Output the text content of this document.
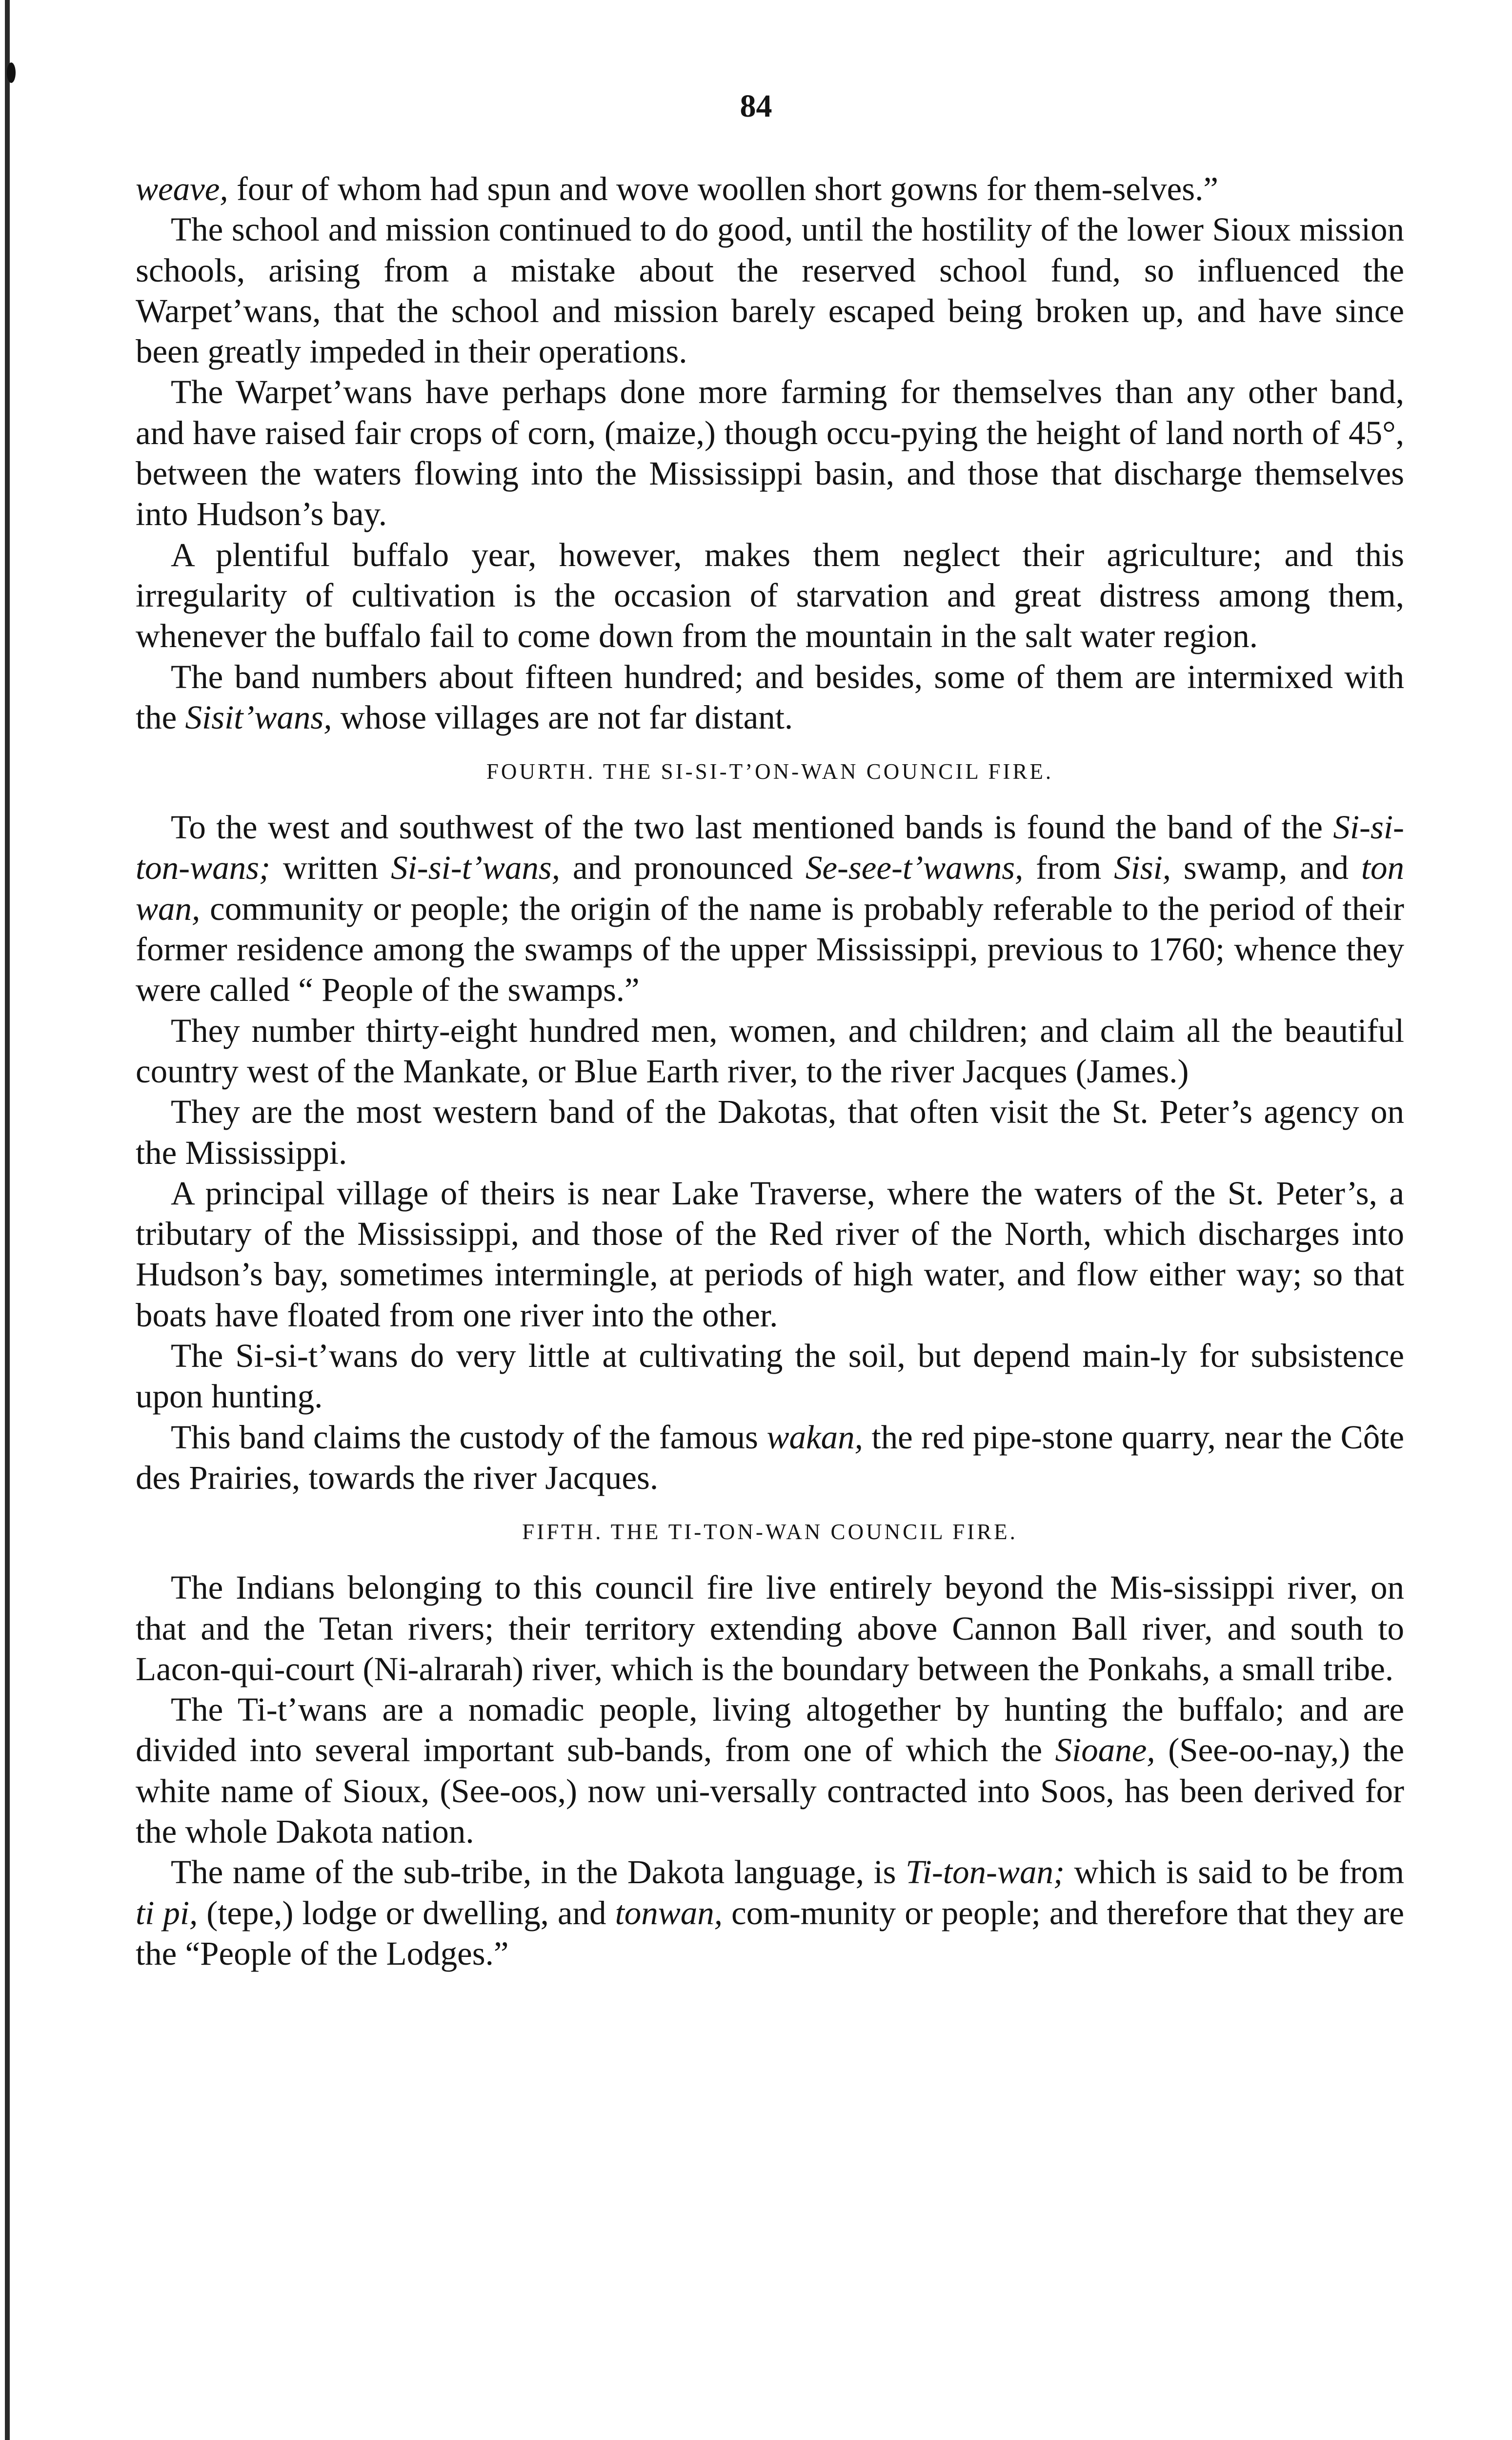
84

weave, four of whom had spun and wove woollen short gowns for them-selves.”

The school and mission continued to do good, until the hostility of the lower Sioux mission schools, arising from a mistake about the reserved school fund, so influenced the Warpet’wans, that the school and mission barely escaped being broken up, and have since been greatly impeded in their operations.

The Warpet’wans have perhaps done more farming for themselves than any other band, and have raised fair crops of corn, (maize,) though occu-pying the height of land north of 45°, between the waters flowing into the Mississippi basin, and those that discharge themselves into Hudson’s bay.

A plentiful buffalo year, however, makes them neglect their agriculture; and this irregularity of cultivation is the occasion of starvation and great distress among them, whenever the buffalo fail to come down from the mountain in the salt water region.

The band numbers about fifteen hundred; and besides, some of them are intermixed with the Sisit’wans, whose villages are not far distant.

FOURTH. THE SI-SI-T’ON-WAN COUNCIL FIRE.

To the west and southwest of the two last mentioned bands is found the band of the Si-si-ton-wans; written Si-si-t’wans, and pronounced Se-see-t’wawns, from Sisi, swamp, and ton wan, community or people; the origin of the name is probably referable to the period of their former residence among the swamps of the upper Mississippi, previous to 1760; whence they were called “ People of the swamps.”

They number thirty-eight hundred men, women, and children; and claim all the beautiful country west of the Mankate, or Blue Earth river, to the river Jacques (James.)

They are the most western band of the Dakotas, that often visit the St. Peter’s agency on the Mississippi.

A principal village of theirs is near Lake Traverse, where the waters of the St. Peter’s, a tributary of the Mississippi, and those of the Red river of the North, which discharges into Hudson’s bay, sometimes intermingle, at periods of high water, and flow either way; so that boats have floated from one river into the other.

The Si-si-t’wans do very little at cultivating the soil, but depend main-ly for subsistence upon hunting.

This band claims the custody of the famous wakan, the red pipe-stone quarry, near the Côte des Prairies, towards the river Jacques.

FIFTH. THE TI-TON-WAN COUNCIL FIRE.

The Indians belonging to this council fire live entirely beyond the Mis-sissippi river, on that and the Tetan rivers; their territory extending above Cannon Ball river, and south to Lacon-qui-court (Ni-alrarah) river, which is the boundary between the Ponkahs, a small tribe.

The Ti-t’wans are a nomadic people, living altogether by hunting the buffalo; and are divided into several important sub-bands, from one of which the Sioane, (See-oo-nay,) the white name of Sioux, (See-oos,) now uni-versally contracted into Soos, has been derived for the whole Dakota nation.

The name of the sub-tribe, in the Dakota language, is Ti-ton-wan; which is said to be from ti pi, (tepe,) lodge or dwelling, and tonwan, com-munity or people; and therefore that they are the “People of the Lodges.”
